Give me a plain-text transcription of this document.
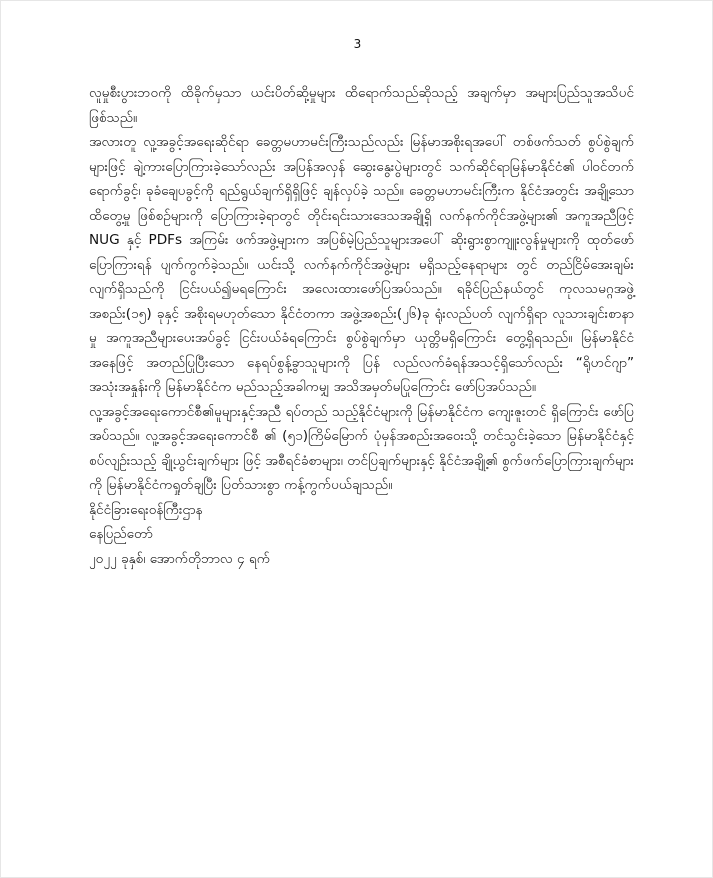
3

လူမှုစီးပွားဘဝကို ထိခိုက်မှသာ ယင်းပိတ်ဆို့မှုများ ထိရောက်သည်ဆိုသည့် အချက်မှာ အများပြည်သူအသိပင်ဖြစ်သည်။

အလားတူ လူ့အခွင့်အရေးဆိုင်ရာ ခေတ္တမဟာမင်းကြီးသည်လည်း မြန်မာအစိုးရအပေါ် တစ်ဖက်သတ် စွပ်စွဲချက်များဖြင့် ချဲ့ကားပြောကြားခဲ့သော်လည်း အပြန်အလှန် ဆွေးနွေးပွဲများတွင် သက်ဆိုင်ရာမြန်မာနိုင်ငံ၏ ပါဝင်တက်ရောက်ခွင့်၊ ခုခံချေပခွင့်ကို ရည်ရွယ်ချက်ရှိရှိဖြင့် ချန်လှပ်ခဲ့ သည်။ ခေတ္တမဟာမင်းကြီးက နိုင်ငံအတွင်း အချို့သောထိတွေ့မှု ဖြစ်စဉ်များကို ပြောကြားခဲ့ရာတွင် တိုင်းရင်းသားဒေသအချို့ရှိ လက်နက်ကိုင်အဖွဲ့များ၏ အကူအညီဖြင့် NUG နှင့် PDFs အကြမ်း ဖက်အဖွဲ့များက အပြစ်မဲ့ပြည်သူများအပေါ် ဆိုးရွားစွာကျူးလွန်မှုများကို ထုတ်ဖော်ပြောကြားရန် ပျက်ကွက်ခဲ့သည်။ ယင်းသို့ လက်နက်ကိုင်အဖွဲ့များ မရှိသည့်နေရာများ တွင် တည်ငြိမ်အေးချမ်း လျက်ရှိသည်ကို ငြင်းပယ်၍မရကြောင်း အလေးထားဖော်ပြအပ်သည်။ ရခိုင်ပြည်နယ်တွင် ကုလသမဂ္ဂအဖွဲ့အစည်း(၁၅) ခုနှင့် အစိုးရမဟုတ်သော နိုင်ငံတကာ အဖွဲ့အစည်း(၂၆)ခု ရုံးလည်ပတ် လျက်ရှိရာ လူသားချင်းစာနာမှု အကူအညီများပေးအပ်ခွင့် ငြင်းပယ်ခံရကြောင်း စွပ်စွဲချက်မှာ ယုတ္တိမရှိကြောင်း တွေ့ရှိရသည်။ မြန်မာနိုင်ငံအနေဖြင့် အတည်ပြုပြီးသော နေရပ်စွန့်ခွာသူများကို ပြန် လည်လက်ခံရန်အသင့်ရှိသော်လည်း “ရိုဟင်ဂျာ” အသုံးအနှုန်းကို မြန်မာနိုင်ငံက မည်သည့်အခါကမျှ အသိအမှတ်မပြုကြောင်း ဖော်ပြအပ်သည်။

လူ့အခွင့်အရေးကောင်စီ၏မူများနှင့်အညီ ရပ်တည် သည့်နိုင်ငံများကို မြန်မာနိုင်ငံက ကျေးဇူးတင် ရှိကြောင်း ဖော်ပြအပ်သည်။ လူ့အခွင့်အရေးကောင်စီ ၏ (၅၁)ကြိမ်မြောက် ပုံမှန်အစည်းအဝေးသို့ တင်သွင်းခဲ့သော မြန်မာနိုင်ငံနှင့်စပ်လျဉ်းသည့် ချို့ယွင်းချက်များ ဖြင့် အစီရင်ခံစာများ၊ တင်ပြချက်များနှင့် နိုင်ငံအချို့၏ စွက်ဖက်ပြောကြားချက်များကို မြန်မာနိုင်ငံကရှုတ်ချပြီး ပြတ်သားစွာ ကန့်ကွက်ပယ်ချသည်။

နိုင်ငံခြားရေးဝန်ကြီးဌာန

နေပြည်တော်

၂၀၂၂ ခုနှစ်၊ အောက်တိုဘာလ ၄ ရက်
